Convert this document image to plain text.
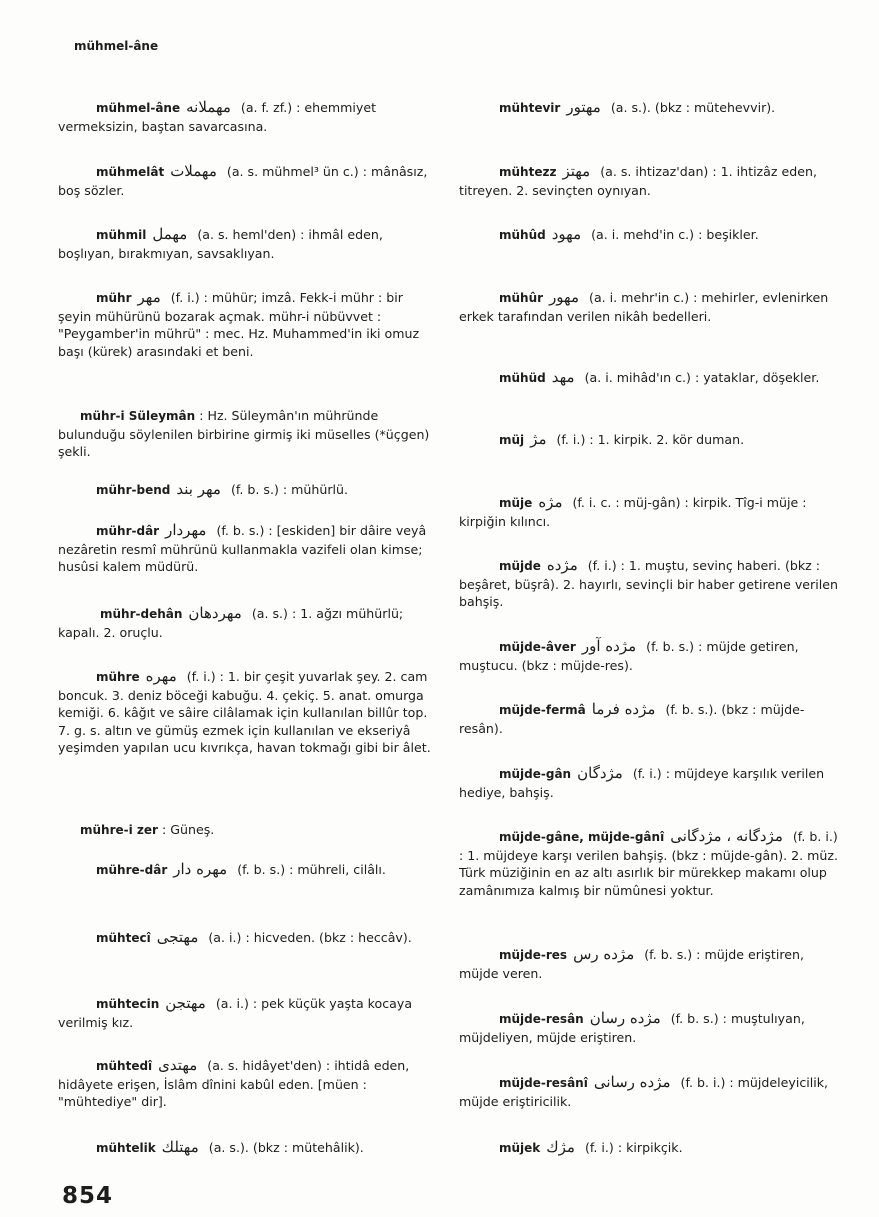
mühmel-âne
mühmel-âne مهملانه (a. f. zf.) : ehemmiyet vermeksizin, baştan savarcasına.
mühmelât مهملات (a. s. mühmel³ ün c.) : mânâsız, boş sözler.
mühmil مهمل (a. s. heml'den) : ihmâl eden, boşlıyan, bırakmıyan, savsaklıyan.
mühr مهر (f. i.) : mühür; imzâ. Fekk-i mühr : bir şeyin mühürünü bozarak açmak. mühr-i nübüvvet : "Peygamber'in mührü" : mec. Hz. Muhammed'in iki omuz başı (kürek) arasındaki et beni.
mühr-i Süleymân : Hz. Süleymân'ın mühründe bulunduğu söylenilen birbirine girmiş iki müselles (*üçgen) şekli.
mühr-bend مهر بند (f. b. s.) : mühürlü.
mühr-dâr مهردار (f. b. s.) : [eskiden] bir dâire veyâ nezâretin resmî mührünü kullanmakla vazifeli olan kimse; husûsi kalem müdürü.
mühr-dehân مهردهان (a. s.) : 1. ağzı mühürlü; kapalı. 2. oruçlu.
mühre مهره (f. i.) : 1. bir çeşit yuvarlak şey. 2. cam boncuk. 3. deniz böceği kabuğu. 4. çekiç. 5. anat. omurga kemiği. 6. kâğıt ve sâire cilâlamak için kullanılan billûr top. 7. g. s. altın ve gümüş ezmek için kullanılan ve ekseriyâ yeşimden yapılan ucu kıvrıkça, havan tokmağı gibi bir âlet.
mühre-i zer : Güneş.
mühre-dâr مهره دار (f. b. s.) : mühreli, cilâlı.
mühtecî مهتجى (a. i.) : hicveden. (bkz : heccâv).
mühtecin مهتجن (a. i.) : pek küçük yaşta kocaya verilmiş kız.
mühtedî مهتدى (a. s. hidâyet'den) : ihtidâ eden, hidâyete erişen, İslâm dînini kabûl eden. [müen : "mühtediye" dir].
mühtelik مهتلك (a. s.). (bkz : mütehâlik).
mühtevir مهتور (a. s.). (bkz : mütehevvir).
mühtezz مهتز (a. s. ihtizaz'dan) : 1. ihtizâz eden, titreyen. 2. sevinçten oynıyan.
mühûd مهود (a. i. mehd'in c.) : beşikler.
mühûr مهور (a. i. mehr'in c.) : mehirler, evlenirken erkek tarafından verilen nikâh bedelleri.
mühüd مهد (a. i. mihâd'ın c.) : yataklar, döşekler.
müj مژ (f. i.) : 1. kirpik. 2. kör duman.
müje مژه (f. i. c. : müj-gân) : kirpik. Tîg-i müje : kirpiğin kılıncı.
müjde مژده (f. i.) : 1. muştu, sevinç haberi. (bkz : beşâret, büşrâ). 2. hayırlı, sevinçli bir haber getirene verilen bahşiş.
müjde-âver مژده آور (f. b. s.) : müjde getiren, muştucu. (bkz : müjde-res).
müjde-fermâ مژده فرما (f. b. s.). (bkz : müjde-resân).
müjde-gân مژدگان (f. i.) : müjdeye karşılık verilen hediye, bahşiş.
müjde-gâne, müjde-gânî مژدگانه ، مژدگانى (f. b. i.) : 1. müjdeye karşı verilen bahşiş. (bkz : müjde-gân). 2. müz. Türk müziğinin en az altı asırlık bir mürekkep makamı olup zamânımıza kalmış bir nümûnesi yoktur.
müjde-res مژده رس (f. b. s.) : müjde eriştiren, müjde veren.
müjde-resân مژده رسان (f. b. s.) : muştulıyan, müjdeliyen, müjde eriştiren.
müjde-resânî مژده رسانى (f. b. i.) : müjdeleyicilik, müjde eriştiricilik.
müjek مژك (f. i.) : kirpikçik.
854
